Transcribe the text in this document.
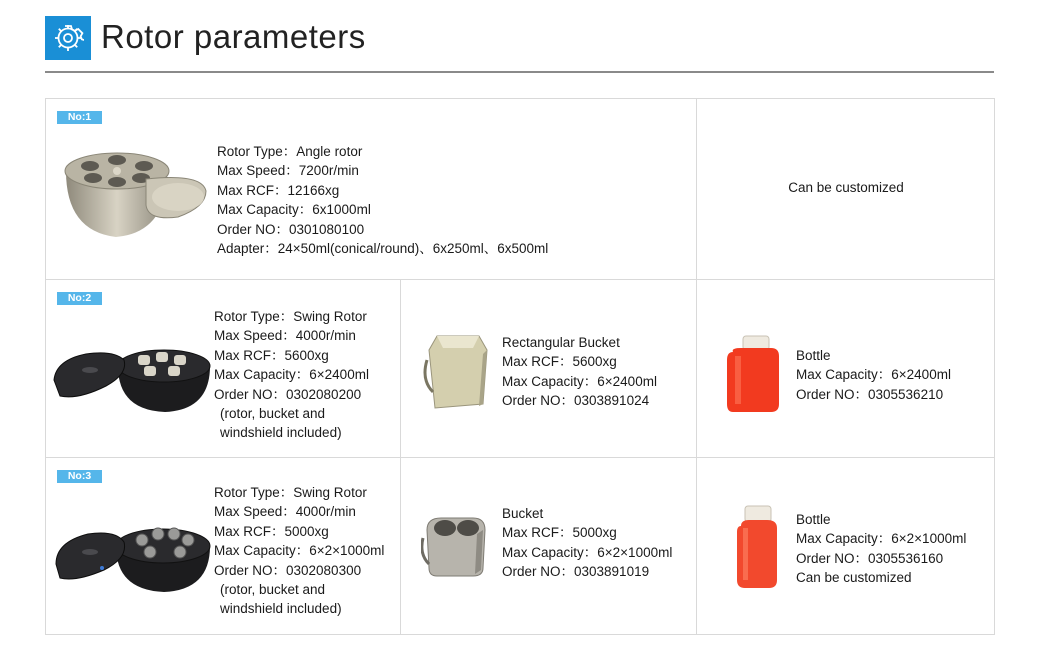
Rotor parameters
No:1
Rotor Type：Angle rotor
Max Speed：7200r/min
Max RCF：12166xg
Max Capacity：6x1000ml
Order NO：0301080100
Adapter：24×50ml(conical/round)、6x250ml、6x500ml
Can be customized
No:2
Rotor Type：Swing Rotor
Max Speed：4000r/min
Max RCF：5600xg
Max Capacity：6×2400ml
Order NO：0302080200
(rotor, bucket and
windshield included)
Rectangular Bucket
Max RCF：5600xg
Max Capacity：6×2400ml
Order NO：0303891024
Bottle
Max Capacity：6×2400ml
Order NO：0305536210
No:3
Rotor Type：Swing Rotor
Max Speed：4000r/min
Max RCF：5000xg
Max Capacity：6×2×1000ml
Order NO：0302080300
(rotor, bucket and
windshield included)
Bucket
Max RCF：5000xg
Max Capacity：6×2×1000ml
Order NO：0303891019
Bottle
Max Capacity：6×2×1000ml
Order NO：0305536160
Can be customized
